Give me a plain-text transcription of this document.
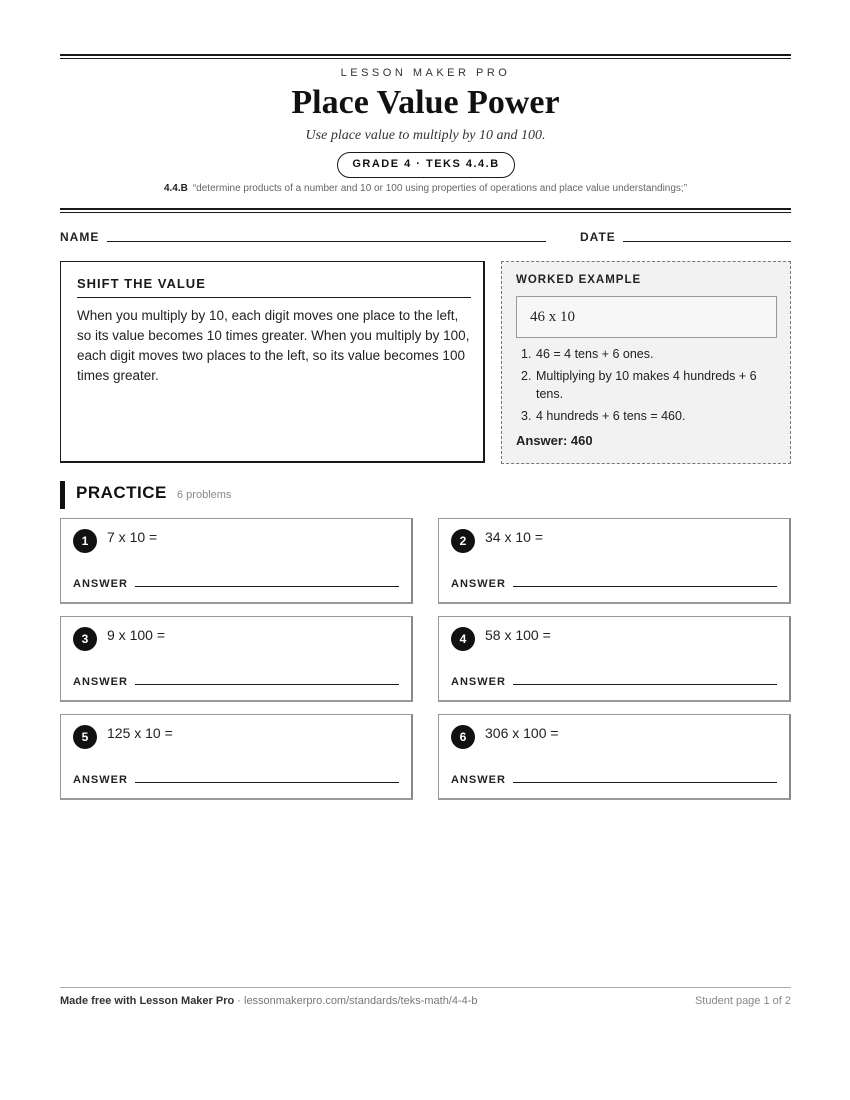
LESSON MAKER PRO
Place Value Power
Use place value to multiply by 10 and 100.
GRADE 4 · TEKS 4.4.B
4.4.B “determine products of a number and 10 or 100 using properties of operations and place value understandings;”
NAME	DATE
SHIFT THE VALUE
When you multiply by 10, each digit moves one place to the left, so its value becomes 10 times greater. When you multiply by 100, each digit moves two places to the left, so its value becomes 100 times greater.
WORKED EXAMPLE
46 x 10
1. 46 = 4 tens + 6 ones.
2. Multiplying by 10 makes 4 hundreds + 6 tens.
3. 4 hundreds + 6 tens = 460.
Answer: 460
PRACTICE 6 problems
1	7 x 10 =
ANSWER
2	34 x 10 =
ANSWER
3	9 x 100 =
ANSWER
4	58 x 100 =
ANSWER
5	125 x 10 =
ANSWER
6	306 x 100 =
ANSWER
Made free with Lesson Maker Pro · lessonmakerpro.com/standards/teks-math/4-4-b	Student page 1 of 2
